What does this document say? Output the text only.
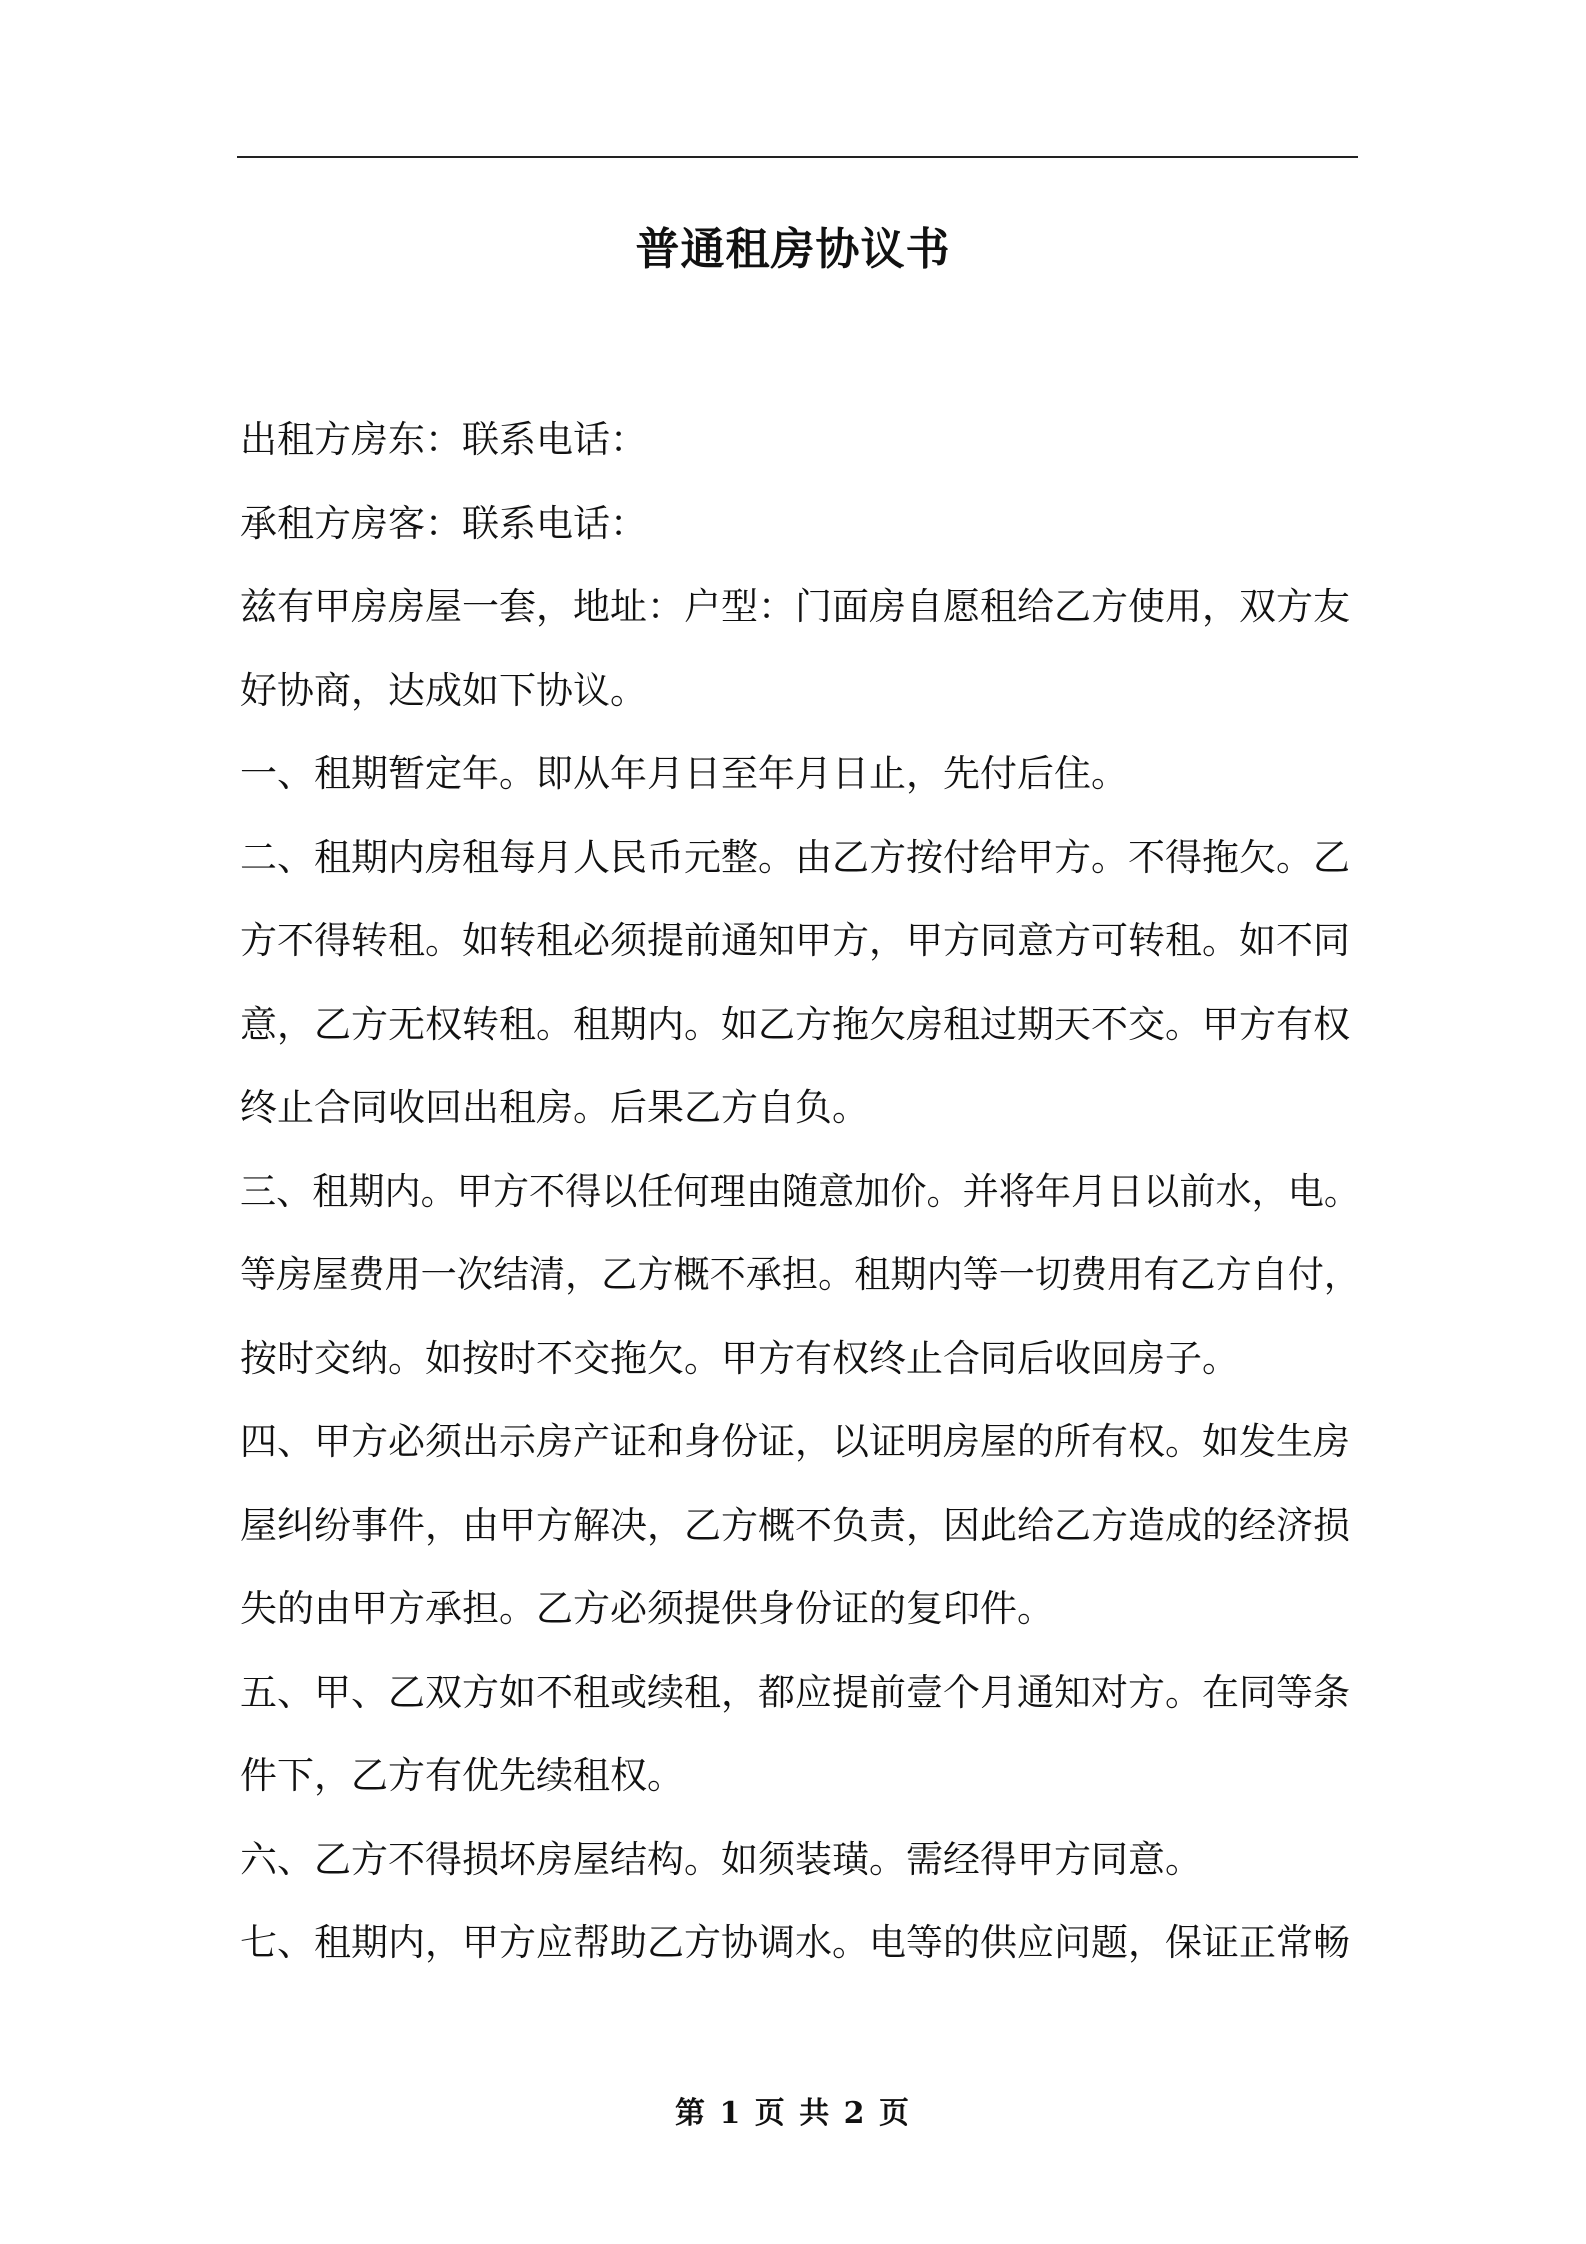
普通租房协议书
出租方房东：联系电话：
承租方房客：联系电话：
兹有甲房房屋一套，地址：户型：门面房自愿租给乙方使用，双方友
好协商，达成如下协议。
一、租期暂定年。即从年月日至年月日止，先付后住。
二、租期内房租每月人民币元整。由乙方按付给甲方。不得拖欠。乙
方不得转租。如转租必须提前通知甲方，甲方同意方可转租。如不同
意，乙方无权转租。租期内。如乙方拖欠房租过期天不交。甲方有权
终止合同收回出租房。后果乙方自负。
三、租期内。甲方不得以任何理由随意加价。并将年月日以前水，电。
等房屋费用一次结清，乙方概不承担。租期内等一切费用有乙方自付，
按时交纳。如按时不交拖欠。甲方有权终止合同后收回房子。
四、甲方必须出示房产证和身份证，以证明房屋的所有权。如发生房
屋纠纷事件，由甲方解决，乙方概不负责，因此给乙方造成的经济损
失的由甲方承担。乙方必须提供身份证的复印件。
五、甲、乙双方如不租或续租，都应提前壹个月通知对方。在同等条
件下，乙方有优先续租权。
六、乙方不得损坏房屋结构。如须装璜。需经得甲方同意。
七、租期内，甲方应帮助乙方协调水。电等的供应问题，保证正常畅
第 1 页 共 2 页
